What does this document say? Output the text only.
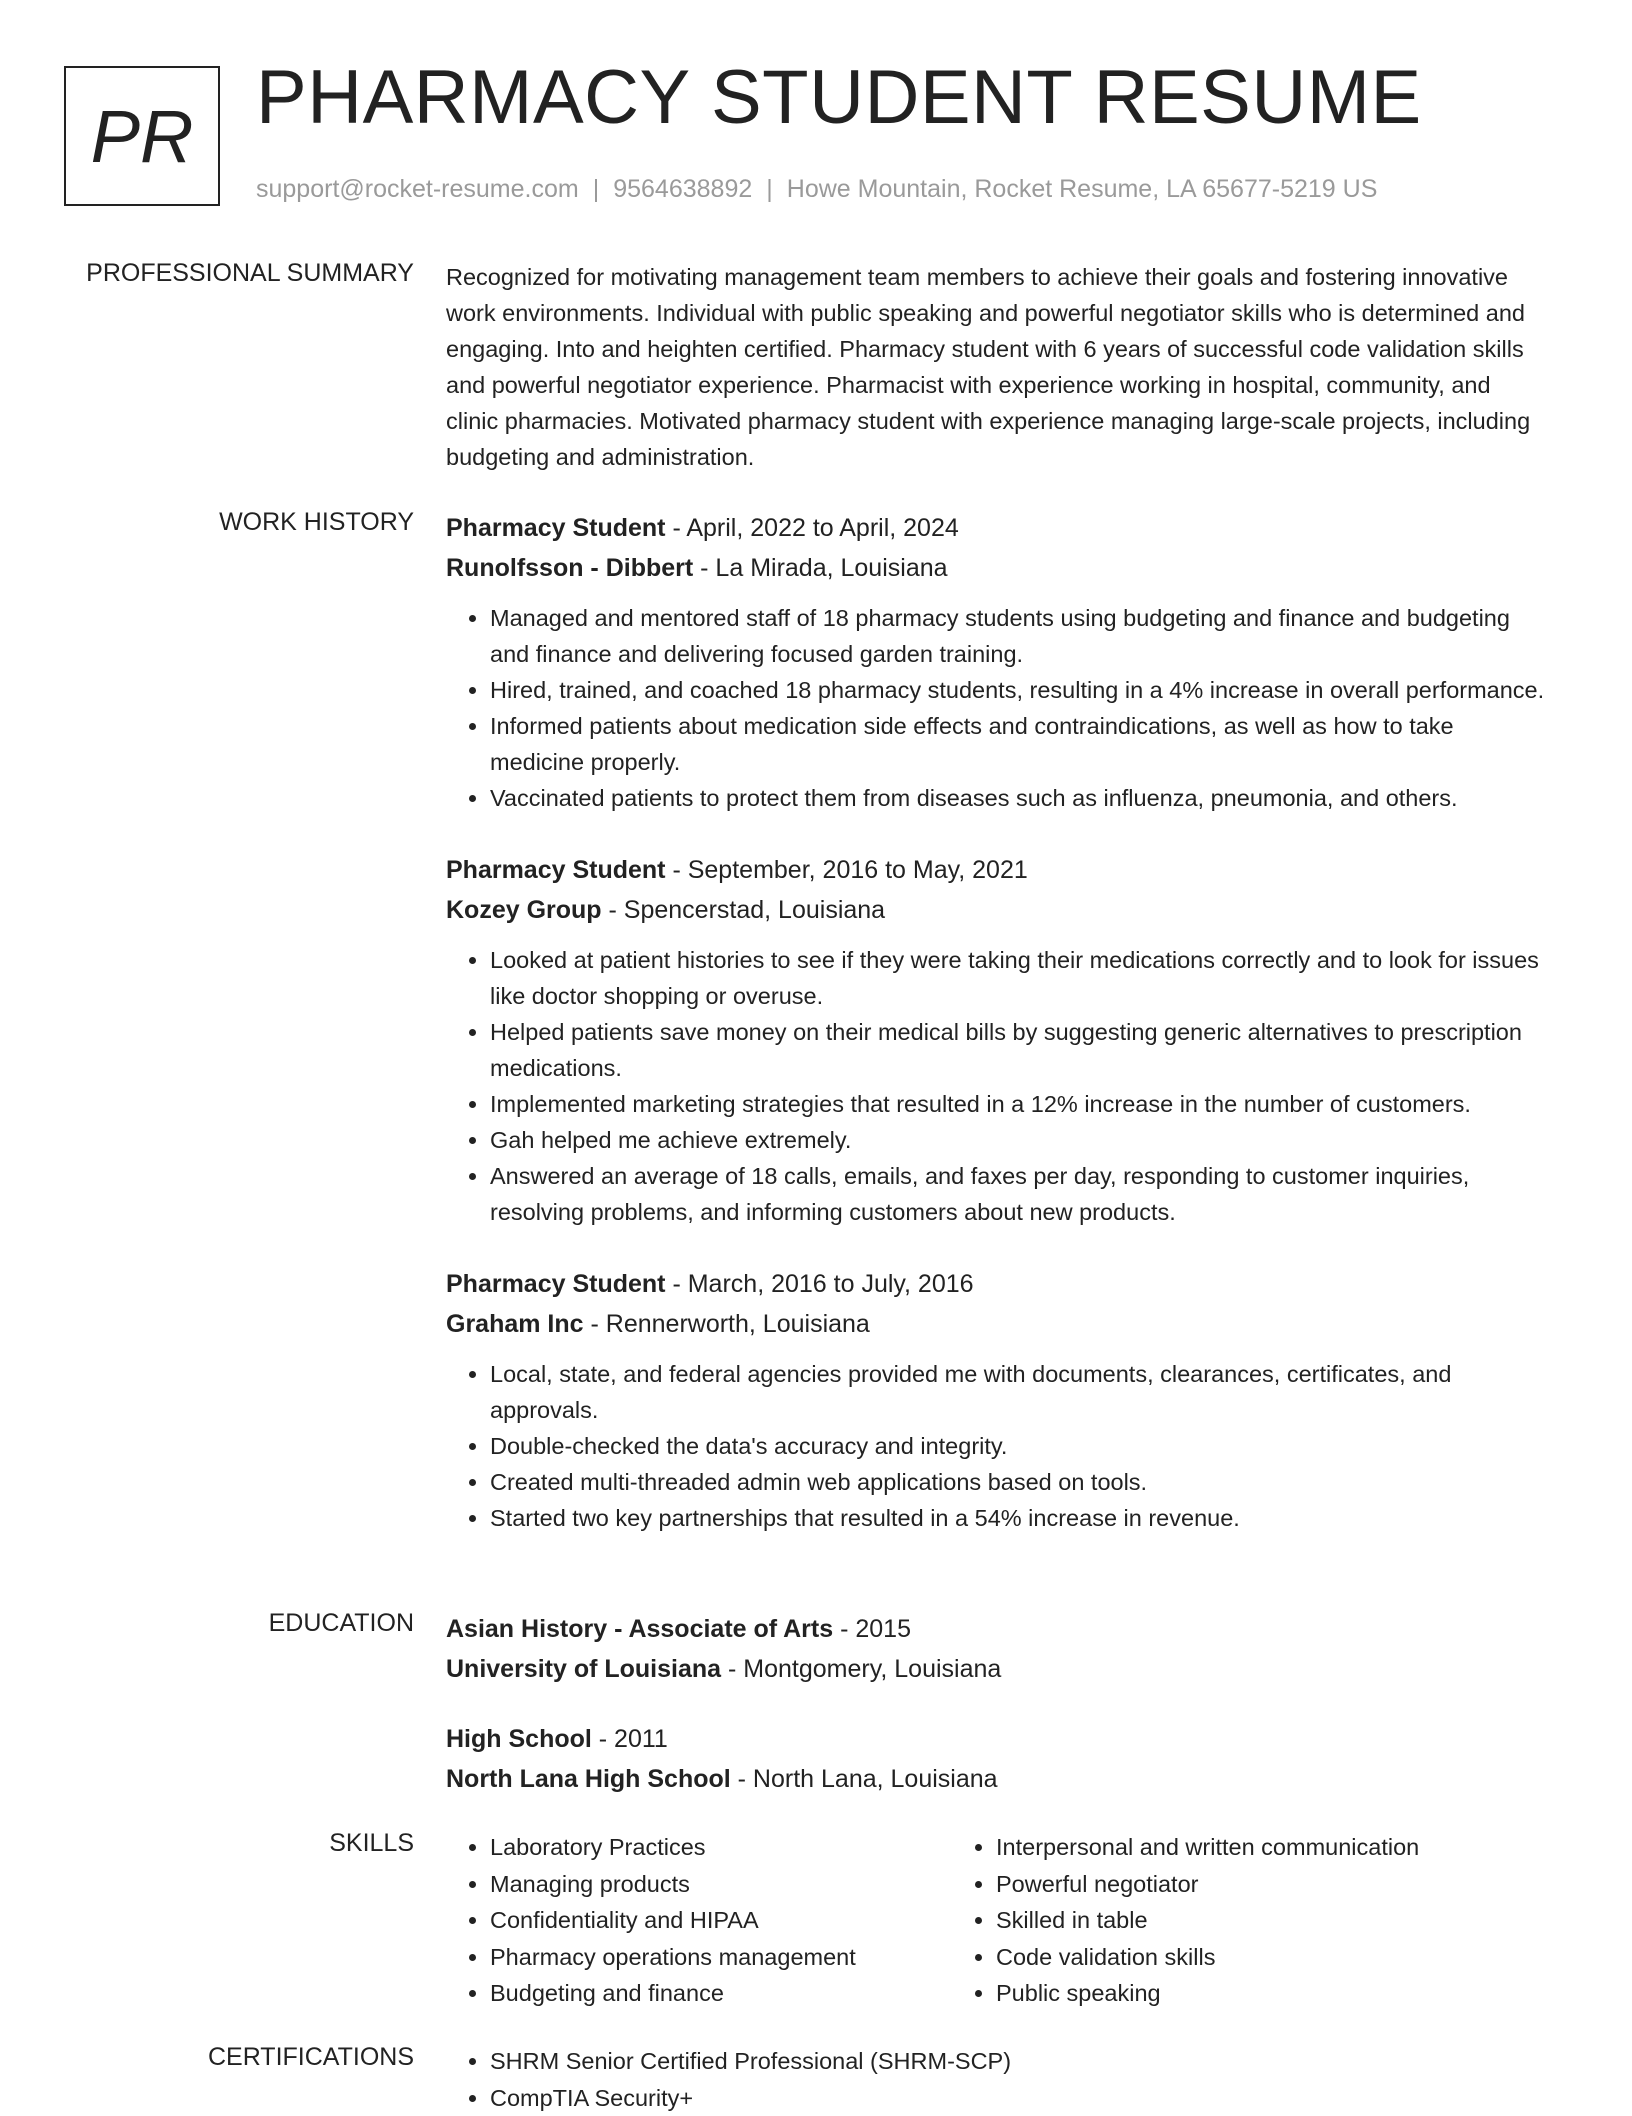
PR PHARMACY STUDENT RESUME
support@rocket-resume.com | 9564638892 | Howe Mountain, Rocket Resume, LA 65677-5219 US
PROFESSIONAL SUMMARY Recognized for motivating management team members to achieve their goals and fostering innovative work environments. Individual with public speaking and powerful negotiator skills who is determined and engaging. Into and heighten certified. Pharmacy student with 6 years of successful code validation skills and powerful negotiator experience. Pharmacist with experience working in hospital, community, and clinic pharmacies. Motivated pharmacy student with experience managing large-scale projects, including budgeting and administration.
WORK HISTORY Pharmacy Student - April, 2022 to April, 2024
Runolfsson - Dibbert - La Mirada, Louisiana
• Managed and mentored staff of 18 pharmacy students using budgeting and finance and budgeting and finance and delivering focused garden training.
• Hired, trained, and coached 18 pharmacy students, resulting in a 4% increase in overall performance.
• Informed patients about medication side effects and contraindications, as well as how to take medicine properly.
• Vaccinated patients to protect them from diseases such as influenza, pneumonia, and others.
Pharmacy Student - September, 2016 to May, 2021
Kozey Group - Spencerstad, Louisiana
• Looked at patient histories to see if they were taking their medications correctly and to look for issues like doctor shopping or overuse.
• Helped patients save money on their medical bills by suggesting generic alternatives to prescription medications.
• Implemented marketing strategies that resulted in a 12% increase in the number of customers.
• Gah helped me achieve extremely.
• Answered an average of 18 calls, emails, and faxes per day, responding to customer inquiries, resolving problems, and informing customers about new products.
Pharmacy Student - March, 2016 to July, 2016
Graham Inc - Rennerworth, Louisiana
• Local, state, and federal agencies provided me with documents, clearances, certificates, and approvals.
• Double-checked the data's accuracy and integrity.
• Created multi-threaded admin web applications based on tools.
• Started two key partnerships that resulted in a 54% increase in revenue.
EDUCATION Asian History - Associate of Arts - 2015
University of Louisiana - Montgomery, Louisiana
High School - 2011
North Lana High School - North Lana, Louisiana
SKILLS	• Laboratory Practices
• Managing products
• Confidentiality and HIPAA
• Pharmacy operations management
• Budgeting and finance
• Interpersonal and written communication
• Powerful negotiator
• Skilled in table
• Code validation skills
• Public speaking
CERTIFICATIONS	• SHRM Senior Certified Professional (SHRM-SCP)
• CompTIA Security+
